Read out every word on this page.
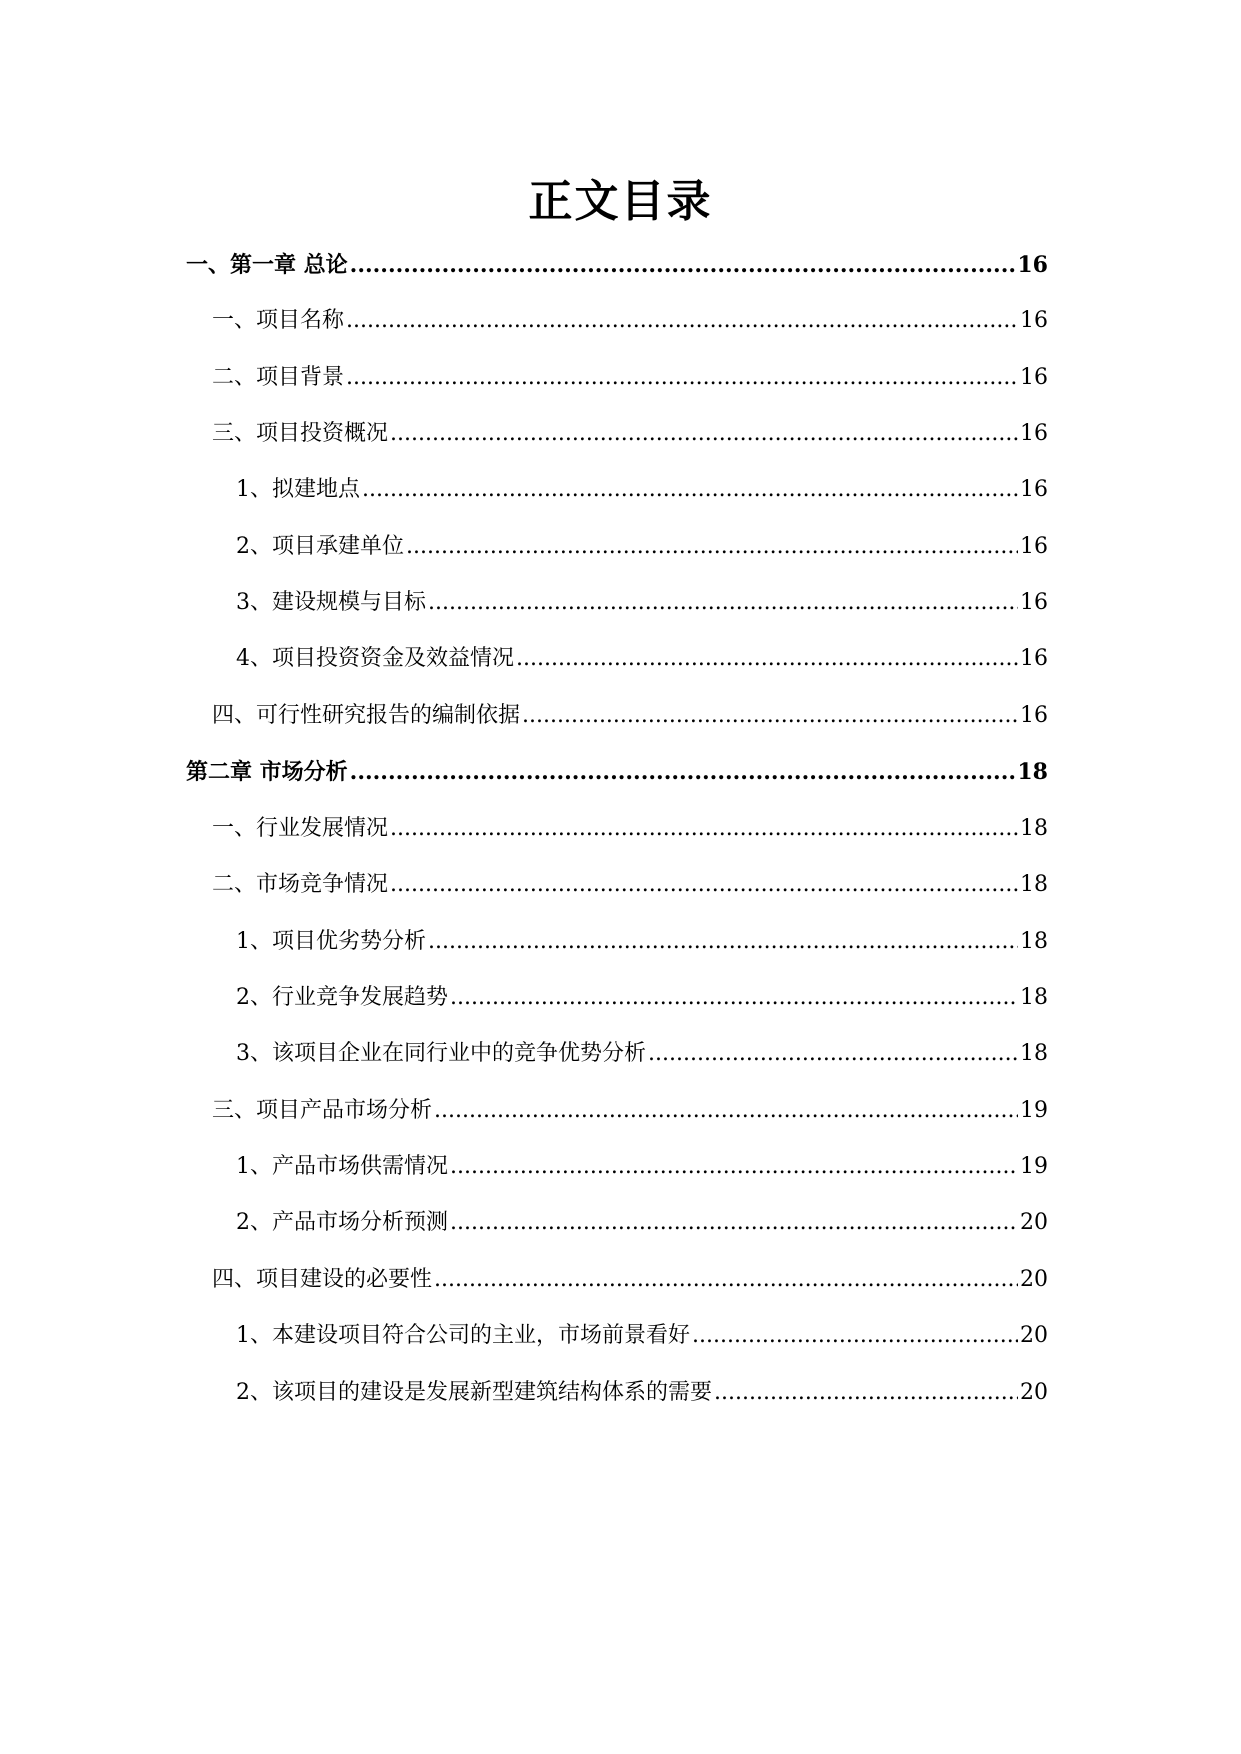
正文目录
一、第一章 总论 .....	16
一、项目名称 .....	16
二、项目背景 .....	16
三、项目投资概况 .....	16
1、拟建地点 .....	16
2、项目承建单位 .....	16
3、建设规模与目标 .....	16
4、项目投资资金及效益情况 .....	16
四、可行性研究报告的编制依据 .....	16
第二章 市场分析 .....	18
一、行业发展情况 .....	18
二、市场竞争情况 .....	18
1、项目优劣势分析 .....	18
2、行业竞争发展趋势 .....	18
3、该项目企业在同行业中的竞争优势分析 .....	18
三、项目产品市场分析 .....	19
1、产品市场供需情况 .....	19
2、产品市场分析预测 .....	20
四、项目建设的必要性 .....	20
1、本建设项目符合公司的主业，市场前景看好 .....	20
2、该项目的建设是发展新型建筑结构体系的需要 .....	20
